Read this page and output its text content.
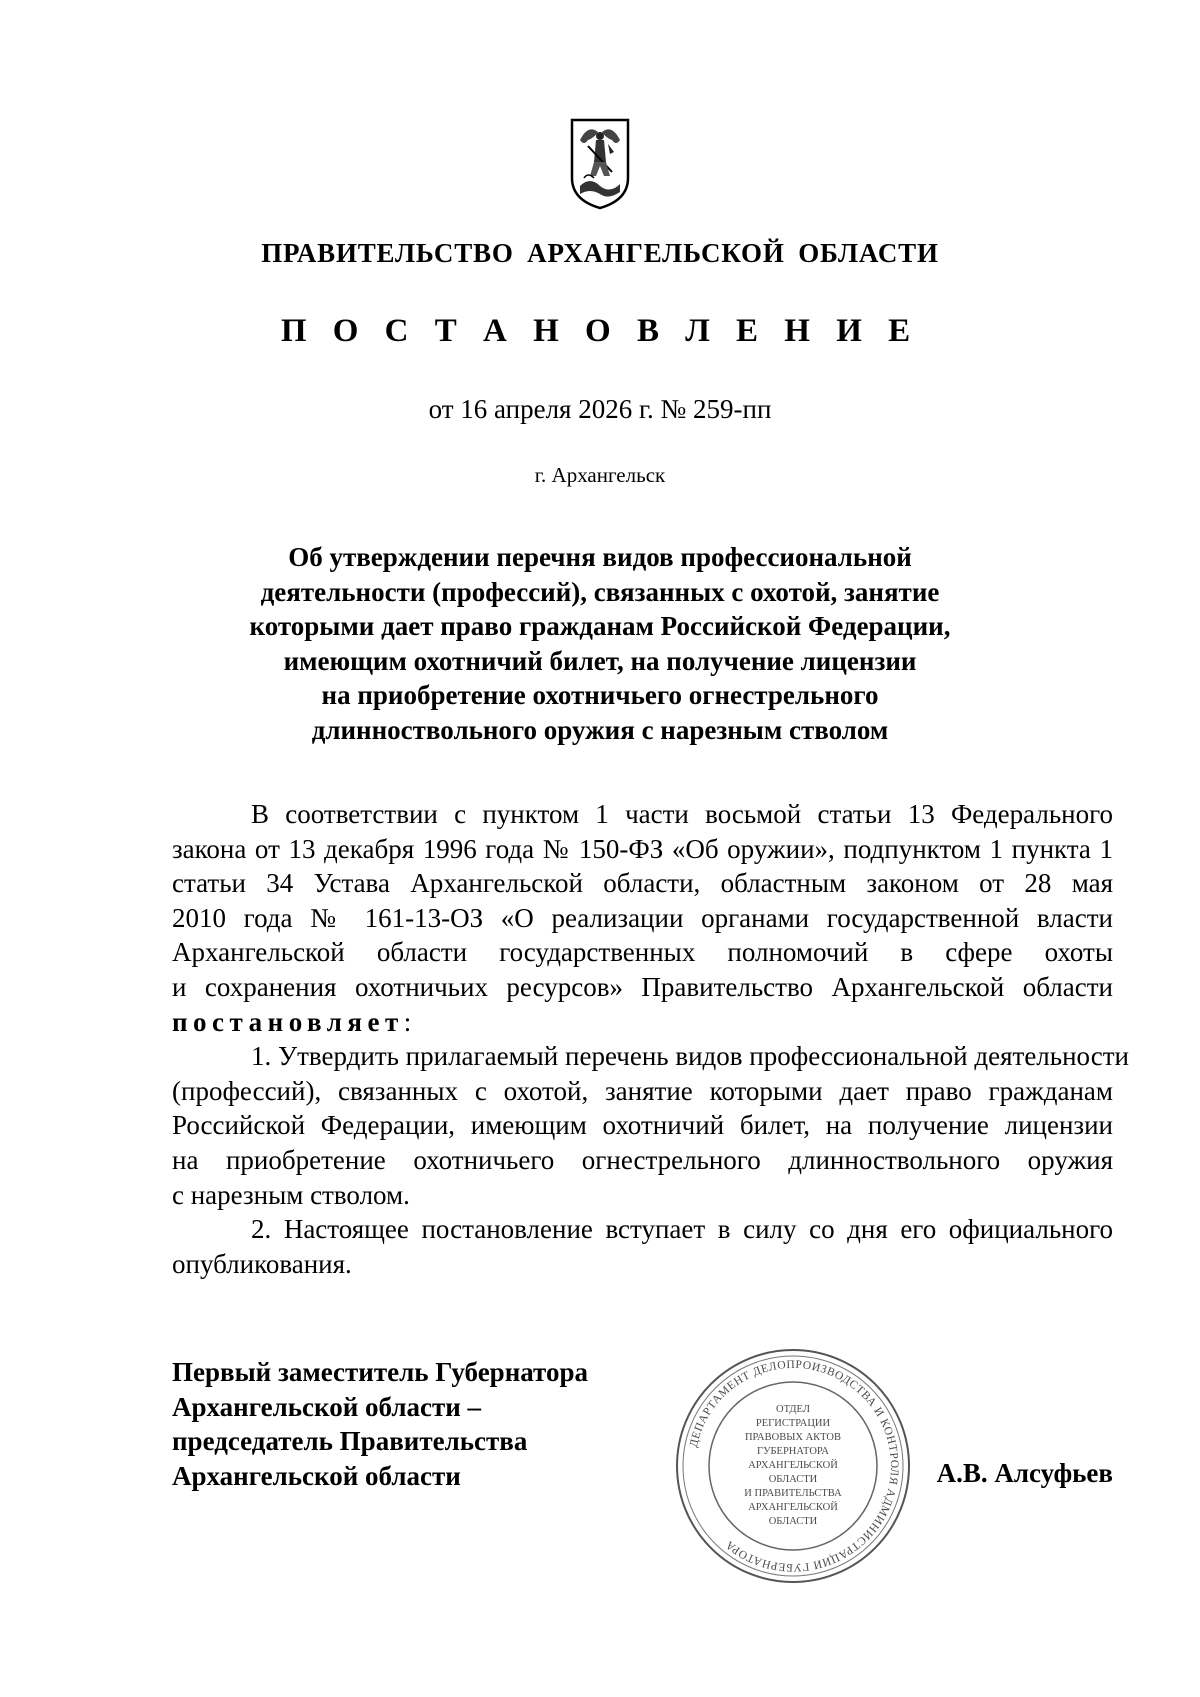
ПРАВИТЕЛЬСТВО АРХАНГЕЛЬСКОЙ ОБЛАСТИ
П О С Т А Н О В Л Е Н И Е
от 16 апреля 2026 г. № 259-пп
г. Архангельск
Об утверждении перечня видов профессиональной
деятельности (профессий), связанных с охотой, занятие
которыми дает право гражданам Российской Федерации,
имеющим охотничий билет, на получение лицензии
на приобретение охотничьего огнестрельного
длинноствольного оружия с нарезным стволом
В соответствии с пунктом 1 части восьмой статьи 13 Федерального
закона от 13 декабря 1996 года № 150-ФЗ «Об оружии», подпунктом 1 пункта 1
статьи 34 Устава Архангельской области, областным законом от 28 мая
2010 года № 161-13-ОЗ «О реализации органами государственной власти
Архангельской области государственных полномочий в сфере охоты
и сохранения охотничьих ресурсов» Правительство Архангельской области
постановляет:
1. Утвердить прилагаемый перечень видов профессиональной деятельности
(профессий), связанных с охотой, занятие которыми дает право гражданам
Российской Федерации, имеющим охотничий билет, на получение лицензии
на приобретение охотничьего огнестрельного длинноствольного оружия
с нарезным стволом.
2. Настоящее постановление вступает в силу со дня его официального
опубликования.
Первый заместитель Губернатора
Архангельской области –
председатель Правительства
Архангельской области
ДЕПАРТАМЕНТ ДЕЛОПРОИЗВОДСТВА И КОНТРОЛЯ АДМИНИСТРАЦИИ ГУБЕРНАТОРА
ОТДЕЛ
РЕГИСТРАЦИИ
ПРАВОВЫХ АКТОВ
ГУБЕРНАТОРА
АРХАНГЕЛЬСКОЙ
ОБЛАСТИ
И ПРАВИТЕЛЬСТВА
АРХАНГЕЛЬСКОЙ
ОБЛАСТИ
А.В. Алсуфьев
